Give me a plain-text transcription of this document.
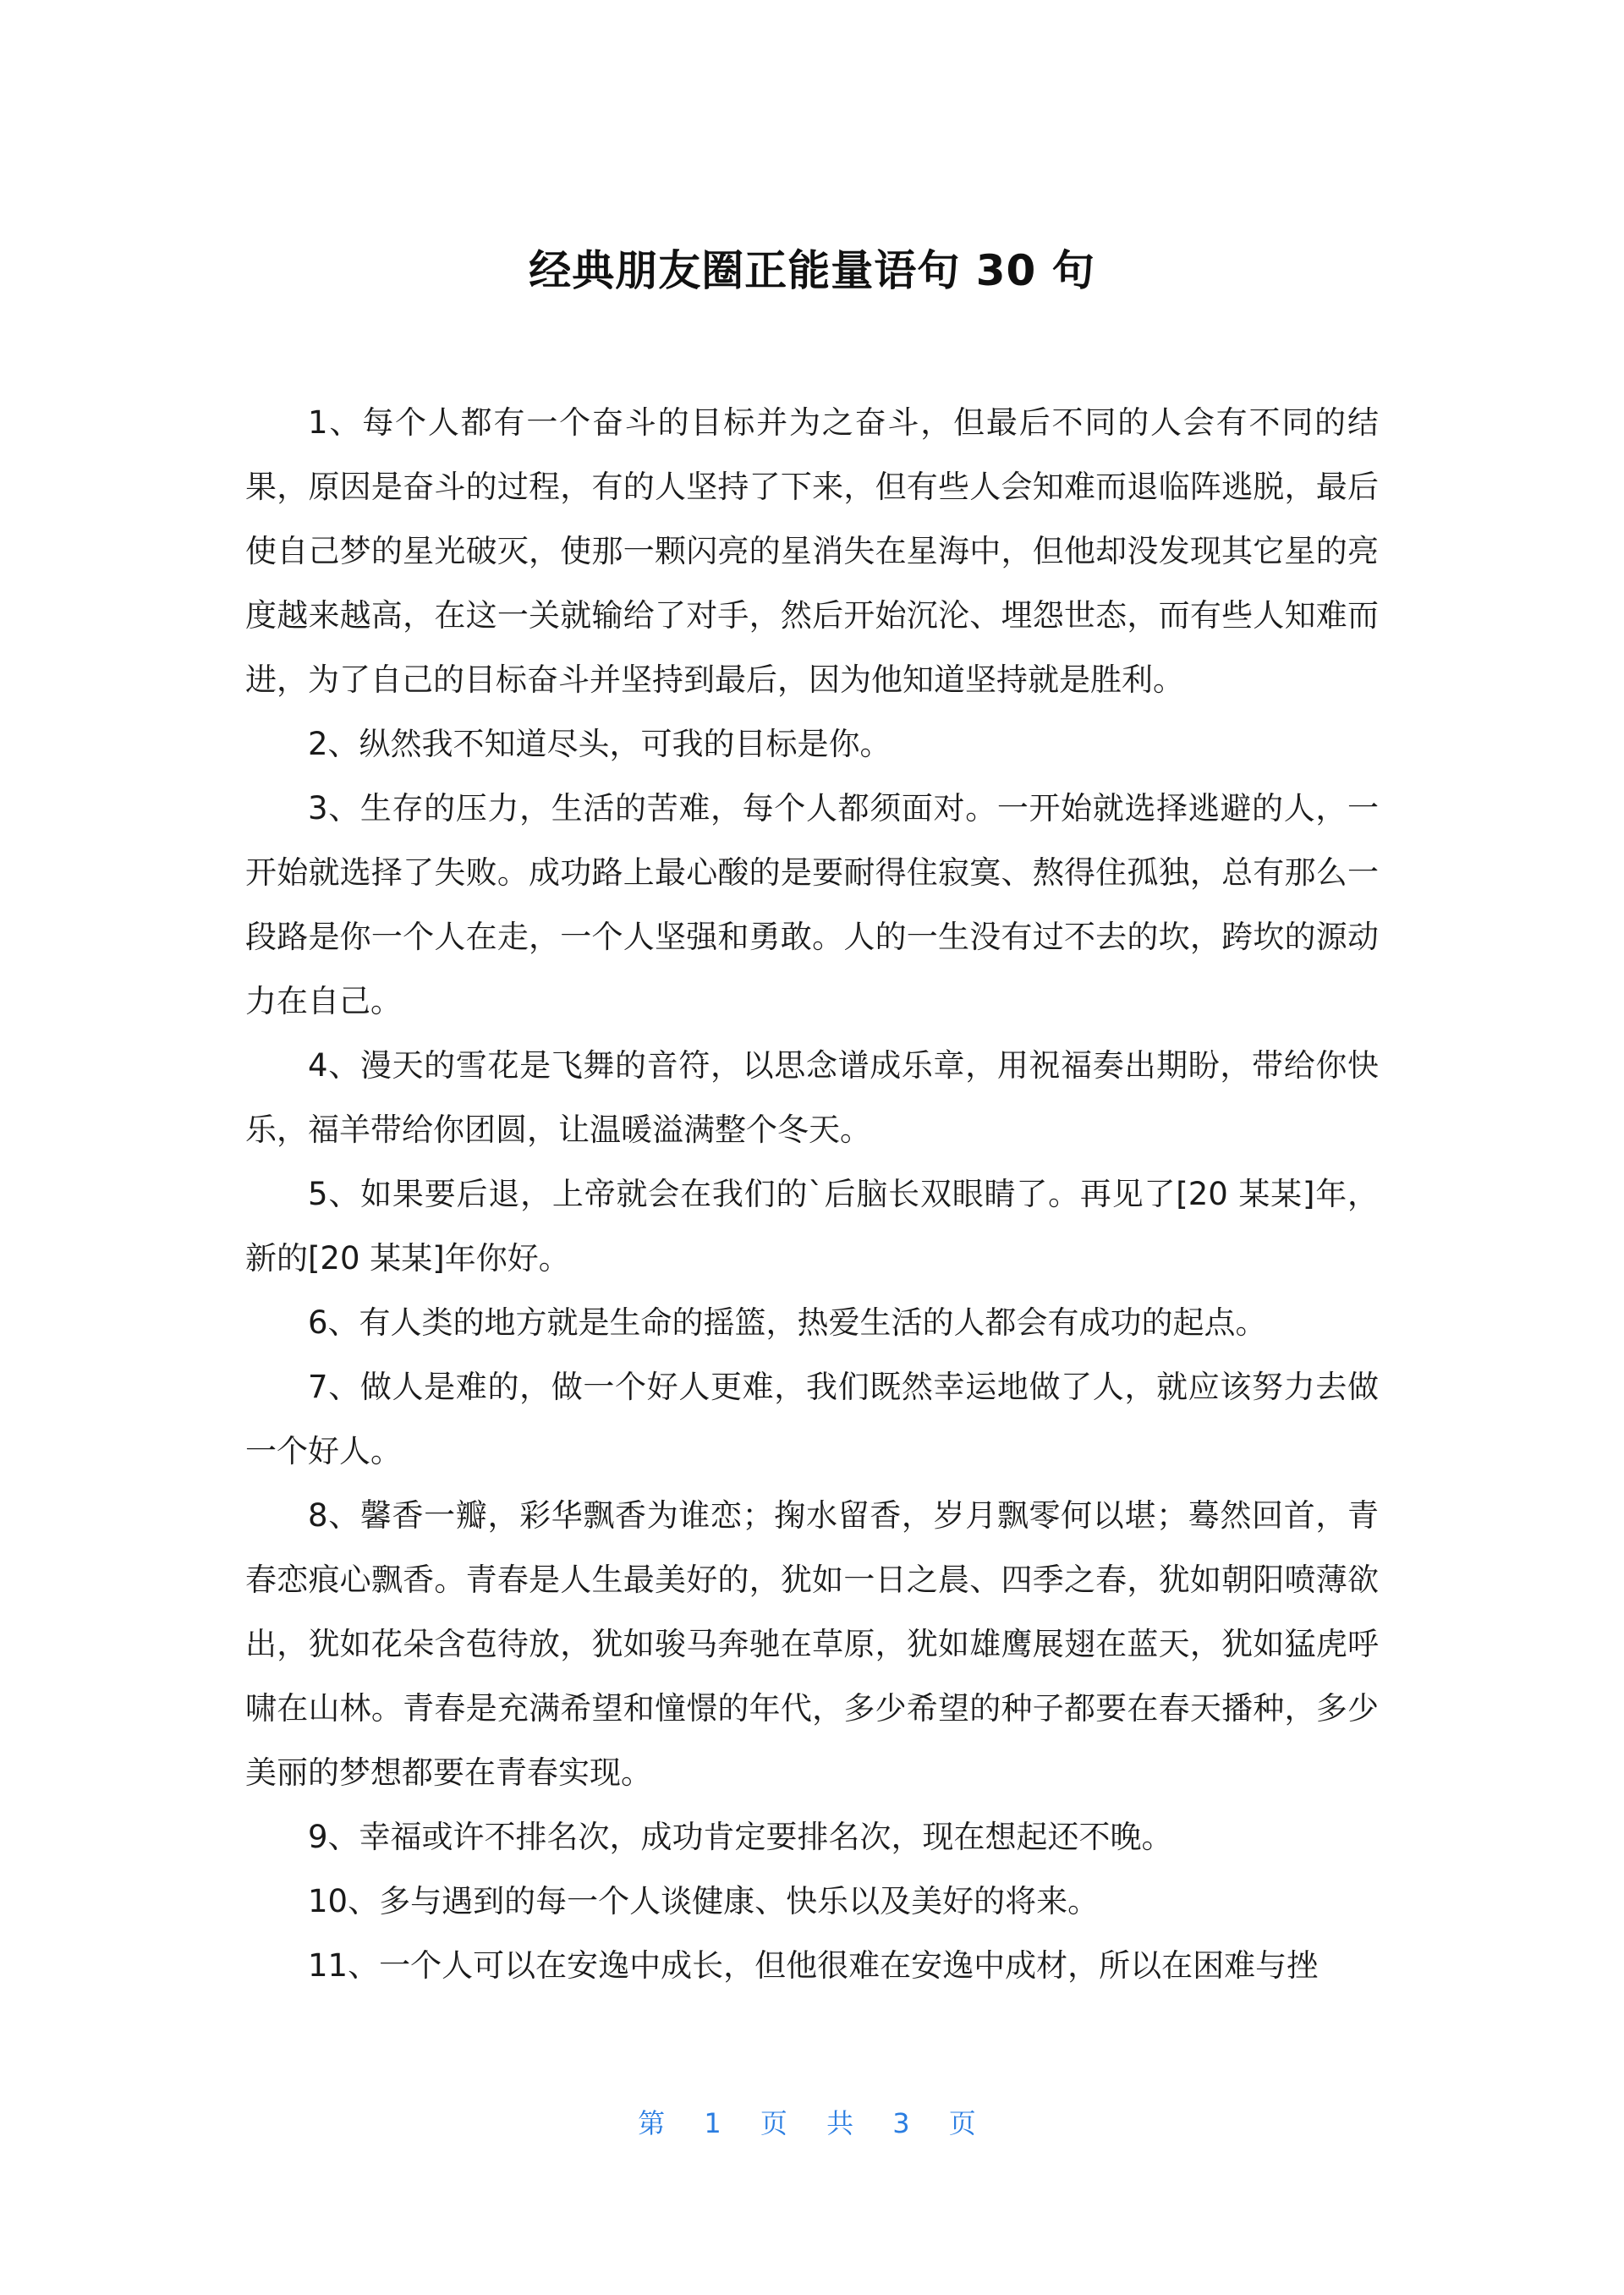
经典朋友圈正能量语句 30 句

1、每个人都有一个奋斗的目标并为之奋斗，但最后不同的人会有不同的结果，原因是奋斗的过程，有的人坚持了下来，但有些人会知难而退临阵逃脱，最后使自己梦的星光破灭，使那一颗闪亮的星消失在星海中，但他却没发现其它星的亮度越来越高，在这一关就输给了对手，然后开始沉沦、埋怨世态，而有些人知难而进，为了自己的目标奋斗并坚持到最后，因为他知道坚持就是胜利。

2、纵然我不知道尽头，可我的目标是你。

3、生存的压力，生活的苦难，每个人都须面对。一开始就选择逃避的人，一开始就选择了失败。成功路上最心酸的是要耐得住寂寞、熬得住孤独，总有那么一段路是你一个人在走，一个人坚强和勇敢。人的一生没有过不去的坎，跨坎的源动力在自己。

4、漫天的雪花是飞舞的音符，以思念谱成乐章，用祝福奏出期盼，带给你快乐，福羊带给你团圆，让温暖溢满整个冬天。

5、如果要后退，上帝就会在我们的`后脑长双眼睛了。再见了[20 某某]年，新的[20 某某]年你好。

6、有人类的地方就是生命的摇篮，热爱生活的人都会有成功的起点。

7、做人是难的，做一个好人更难，我们既然幸运地做了人，就应该努力去做一个好人。

8、馨香一瓣，彩华飘香为谁恋；掬水留香，岁月飘零何以堪；蓦然回首，青春恋痕心飘香。青春是人生最美好的，犹如一日之晨、四季之春，犹如朝阳喷薄欲出，犹如花朵含苞待放，犹如骏马奔驰在草原，犹如雄鹰展翅在蓝天，犹如猛虎呼啸在山林。青春是充满希望和憧憬的年代，多少希望的种子都要在春天播种，多少美丽的梦想都要在青春实现。

9、幸福或许不排名次，成功肯定要排名次，现在想起还不晚。

10、多与遇到的每一个人谈健康、快乐以及美好的将来。

11、一个人可以在安逸中成长，但他很难在安逸中成材，所以在困难与挫

第 1 页 共 3 页
